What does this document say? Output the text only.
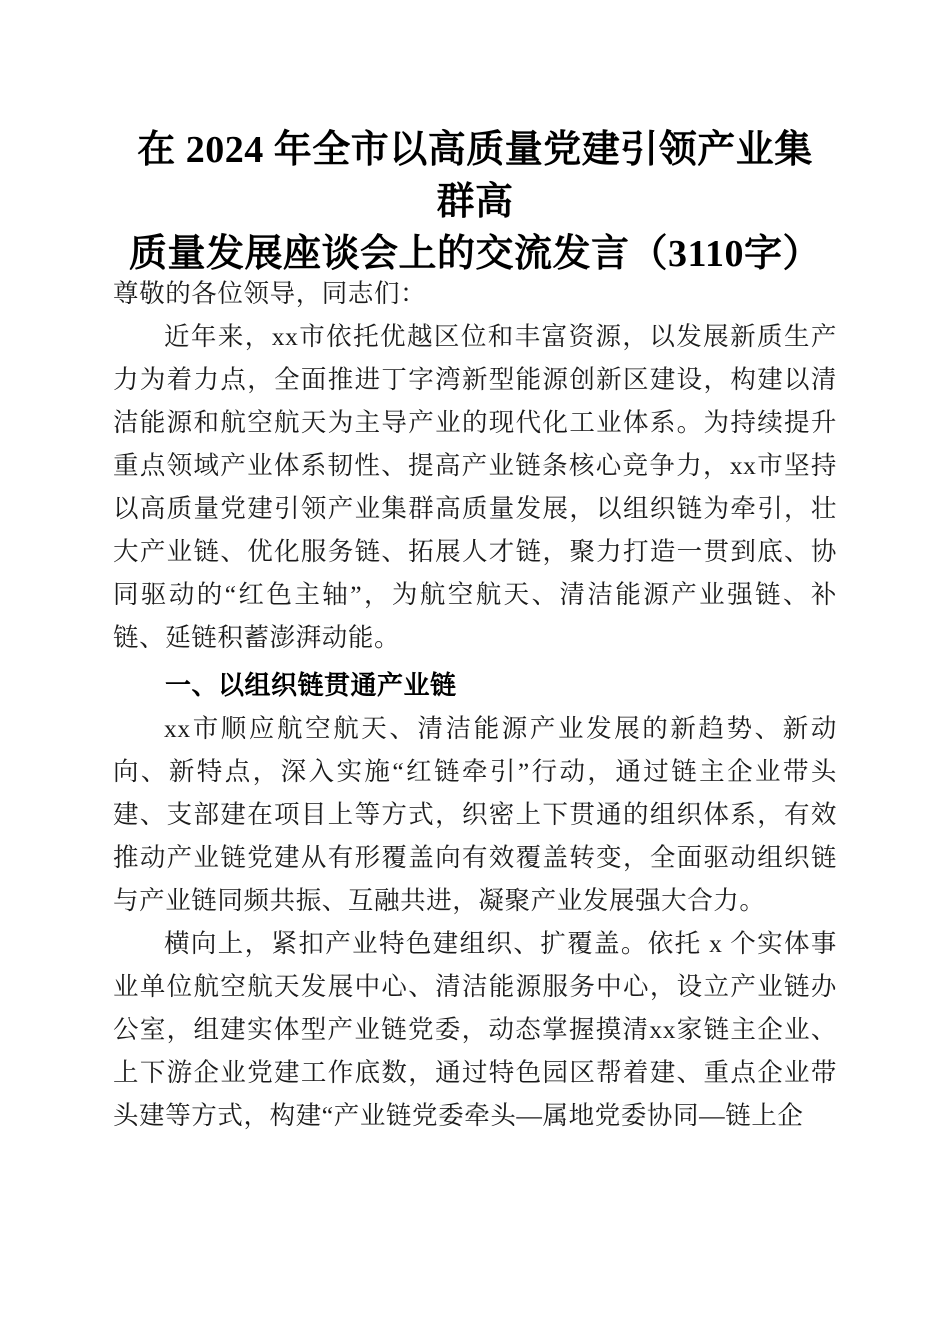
在 2024 年全市以高质量党建引领产业集群高
质量发展座谈会上的交流发言（3110字）

尊敬的各位领导，同志们：

近年来，xx市依托优越区位和丰富资源，以发展新质生产力为着力点，全面推进丁字湾新型能源创新区建设，构建以清洁能源和航空航天为主导产业的现代化工业体系。为持续提升重点领域产业体系韧性、提高产业链条核心竞争力，xx市坚持以高质量党建引领产业集群高质量发展，以组织链为牵引，壮大产业链、优化服务链、拓展人才链，聚力打造一贯到底、协同驱动的“红色主轴”，为航空航天、清洁能源产业强链、补链、延链积蓄澎湃动能。

一、以组织链贯通产业链

xx市顺应航空航天、清洁能源产业发展的新趋势、新动向、新特点，深入实施“红链牵引”行动，通过链主企业带头建、支部建在项目上等方式，织密上下贯通的组织体系，有效推动产业链党建从有形覆盖向有效覆盖转变，全面驱动组织链与产业链同频共振、互融共进，凝聚产业发展强大合力。

横向上，紧扣产业特色建组织、扩覆盖。依托 x 个实体事业单位航空航天发展中心、清洁能源服务中心，设立产业链办公室，组建实体型产业链党委，动态掌握摸清xx家链主企业、上下游企业党建工作底数，通过特色园区帮着建、重点企业带头建等方式，构建“产业链党委牵头—属地党委协同—链上企
